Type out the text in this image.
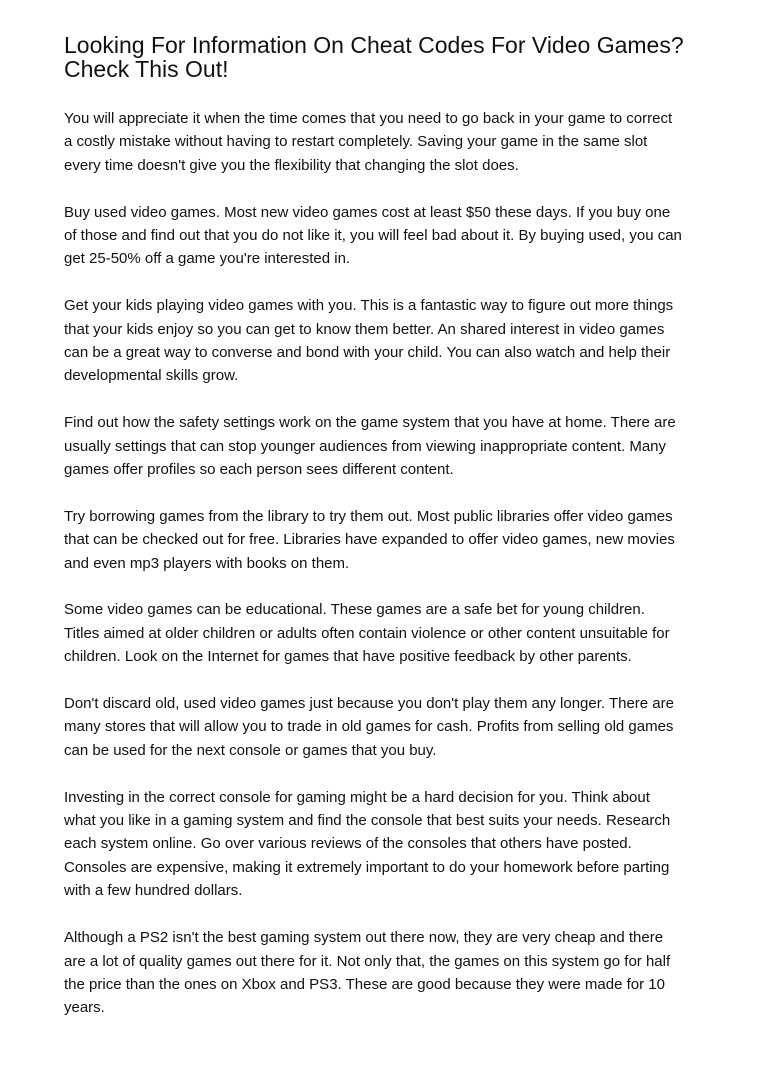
Looking For Information On Cheat Codes For Video Games?
Check This Out!

You will appreciate it when the time comes that you need to go back in your game to correct
a costly mistake without having to restart completely. Saving your game in the same slot
every time doesn't give you the flexibility that changing the slot does.

Buy used video games. Most new video games cost at least $50 these days. If you buy one
of those and find out that you do not like it, you will feel bad about it. By buying used, you can
get 25-50% off a game you're interested in.

Get your kids playing video games with you. This is a fantastic way to figure out more things
that your kids enjoy so you can get to know them better. An shared interest in video games
can be a great way to converse and bond with your child. You can also watch and help their
developmental skills grow.

Find out how the safety settings work on the game system that you have at home. There are
usually settings that can stop younger audiences from viewing inappropriate content. Many
games offer profiles so each person sees different content.

Try borrowing games from the library to try them out. Most public libraries offer video games
that can be checked out for free. Libraries have expanded to offer video games, new movies
and even mp3 players with books on them.

Some video games can be educational. These games are a safe bet for young children.
Titles aimed at older children or adults often contain violence or other content unsuitable for
children. Look on the Internet for games that have positive feedback by other parents.

Don't discard old, used video games just because you don't play them any longer. There are
many stores that will allow you to trade in old games for cash. Profits from selling old games
can be used for the next console or games that you buy.

Investing in the correct console for gaming might be a hard decision for you. Think about
what you like in a gaming system and find the console that best suits your needs. Research
each system online. Go over various reviews of the consoles that others have posted.
Consoles are expensive, making it extremely important to do your homework before parting
with a few hundred dollars.

Although a PS2 isn't the best gaming system out there now, they are very cheap and there
are a lot of quality games out there for it. Not only that, the games on this system go for half
the price than the ones on Xbox and PS3. These are good because they were made for 10
years.
